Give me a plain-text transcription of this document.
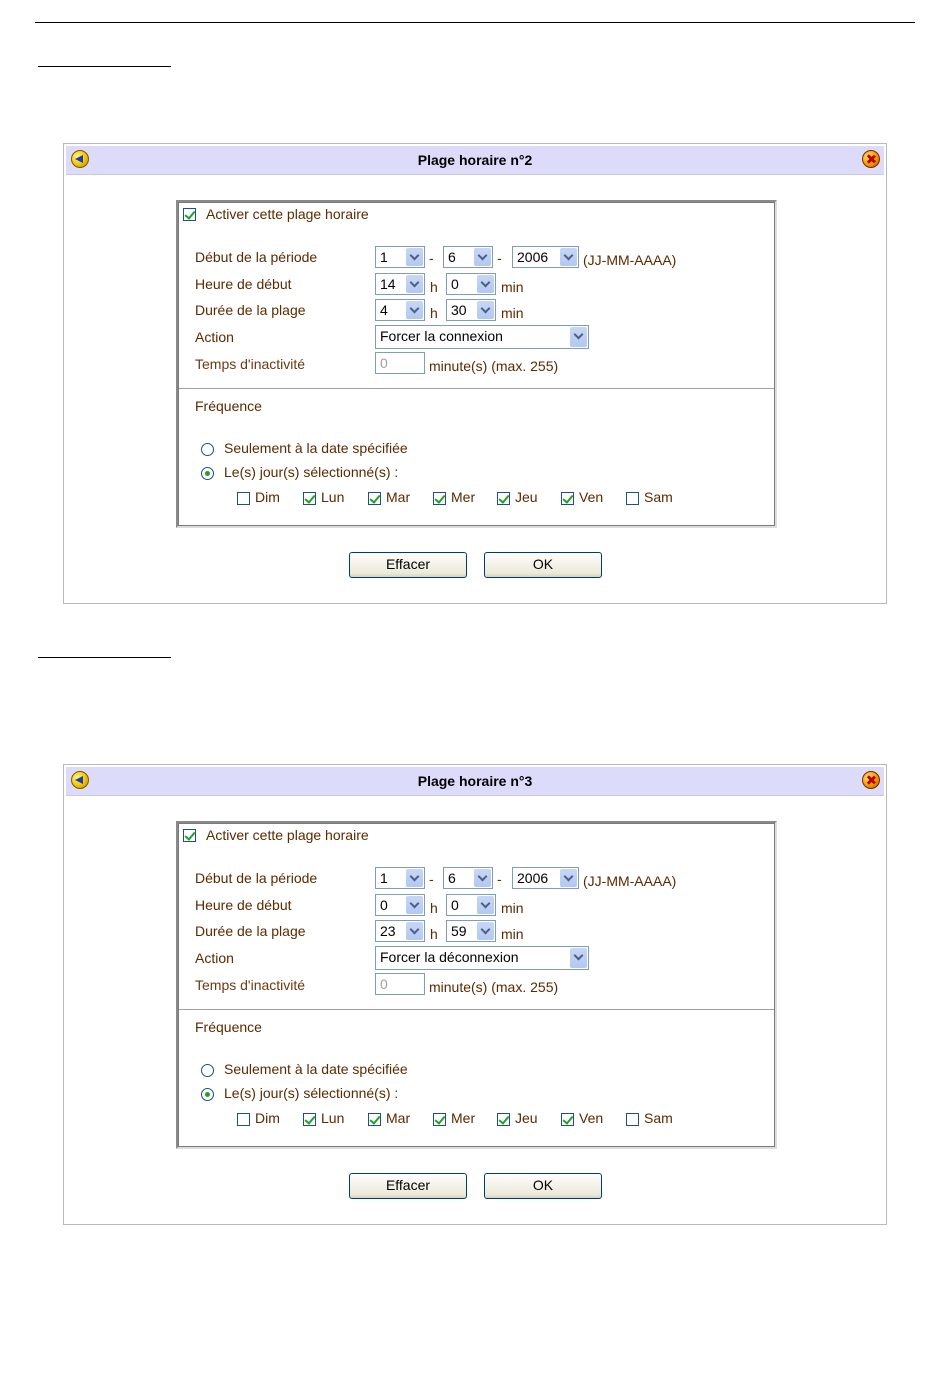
Plage horaire n°2
Activer cette plage horaire
Début de la période	1	- 6	- 2006 (JJ-MM-AAAA)
Heure de début	14 h 0	min
Durée de la plage	4	h 30 min
Action	Forcer la connexion
Temps d'inactivité	0	minute(s) (max. 255)
Fréquence
Seulement à la date spécifiée
Le(s) jour(s) sélectionné(s) :
Dim	Lun	Mar	Mer	Jeu	Ven	Sam
Effacer	OK
Plage horaire n°3
Activer cette plage horaire
Début de la période	1	- 6	- 2006 (JJ-MM-AAAA)
Heure de début	0	h 0	min
Durée de la plage	23 h 59 min
Action	Forcer la déconnexion
Temps d'inactivité	0	minute(s) (max. 255)
Fréquence
Seulement à la date spécifiée
Le(s) jour(s) sélectionné(s) :
Dim	Lun	Mar	Mer	Jeu	Ven	Sam
Effacer	OK
